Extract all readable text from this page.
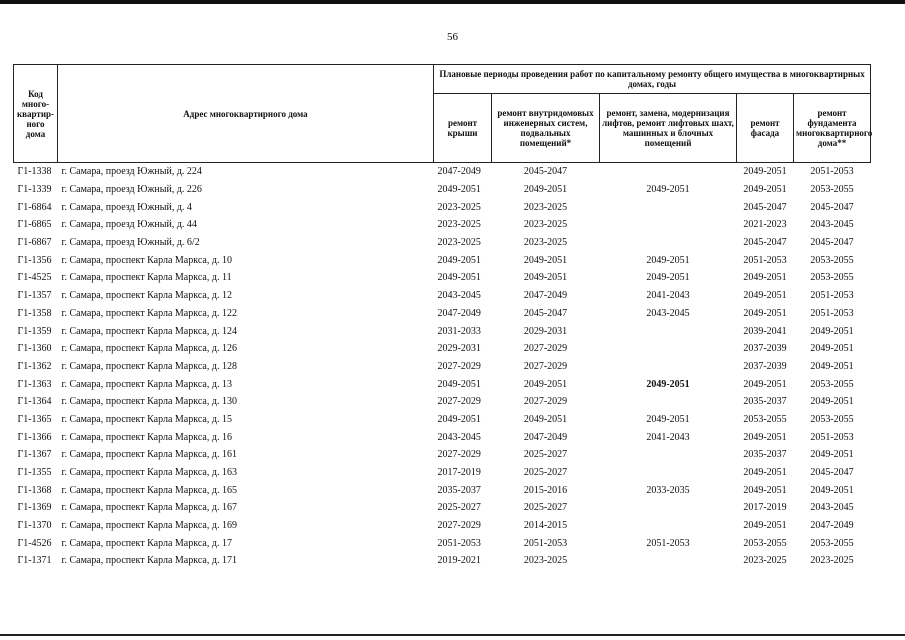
56
Код много-квартир-ного дома	Адрес многоквартирного дома	Плановые периоды проведения работ по капитальному ремонту общего имущества в многоквартирных домах, годы				
		ремонт крыши	ремонт внутридомовых инженерных систем, подвальных помещений*	ремонт, замена, модернизация лифтов, ремонт лифтовых шахт, машинных и блочных помещений	ремонт фасада	ремонт фундамента многоквартирного дома**
Г1-1338	г. Самара, проезд Южный, д. 224	2047-2049	2045-2047		2049-2051	2051-2053
Г1-1339	г. Самара, проезд Южный, д. 226	2049-2051	2049-2051	2049-2051	2049-2051	2053-2055
Г1-6864	г. Самара, проезд Южный, д. 4	2023-2025	2023-2025		2045-2047	2045-2047
Г1-6865	г. Самара, проезд Южный, д. 44	2023-2025	2023-2025		2021-2023	2043-2045
Г1-6867	г. Самара, проезд Южный, д. 6/2	2023-2025	2023-2025		2045-2047	2045-2047
Г1-1356	г. Самара, проспект Карла Маркса, д. 10	2049-2051	2049-2051	2049-2051	2051-2053	2053-2055
Г1-4525	г. Самара, проспект Карла Маркса, д. 11	2049-2051	2049-2051	2049-2051	2049-2051	2053-2055
Г1-1357	г. Самара, проспект Карла Маркса, д. 12	2043-2045	2047-2049	2041-2043	2049-2051	2051-2053
Г1-1358	г. Самара, проспект Карла Маркса, д. 122	2047-2049	2045-2047	2043-2045	2049-2051	2051-2053
Г1-1359	г. Самара, проспект Карла Маркса, д. 124	2031-2033	2029-2031		2039-2041	2049-2051
Г1-1360	г. Самара, проспект Карла Маркса, д. 126	2029-2031	2027-2029		2037-2039	2049-2051
Г1-1362	г. Самара, проспект Карла Маркса, д. 128	2027-2029	2027-2029		2037-2039	2049-2051
Г1-1363	г. Самара, проспект Карла Маркса, д. 13	2049-2051	2049-2051	2049-2051	2049-2051	2053-2055
Г1-1364	г. Самара, проспект Карла Маркса, д. 130	2027-2029	2027-2029		2035-2037	2049-2051
Г1-1365	г. Самара, проспект Карла Маркса, д. 15	2049-2051	2049-2051	2049-2051	2053-2055	2053-2055
Г1-1366	г. Самара, проспект Карла Маркса, д. 16	2043-2045	2047-2049	2041-2043	2049-2051	2051-2053
Г1-1367	г. Самара, проспект Карла Маркса, д. 161	2027-2029	2025-2027		2035-2037	2049-2051
Г1-1355	г. Самара, проспект Карла Маркса, д. 163	2017-2019	2025-2027		2049-2051	2045-2047
Г1-1368	г. Самара, проспект Карла Маркса, д. 165	2035-2037	2015-2016	2033-2035	2049-2051	2049-2051
Г1-1369	г. Самара, проспект Карла Маркса, д. 167	2025-2027	2025-2027		2017-2019	2043-2045
Г1-1370	г. Самара, проспект Карла Маркса, д. 169	2027-2029	2014-2015		2049-2051	2047-2049
Г1-4526	г. Самара, проспект Карла Маркса, д. 17	2051-2053	2051-2053	2051-2053	2053-2055	2053-2055
Г1-1371	г. Самара, проспект Карла Маркса, д. 171	2019-2021	2023-2025		2023-2025	2023-2025
